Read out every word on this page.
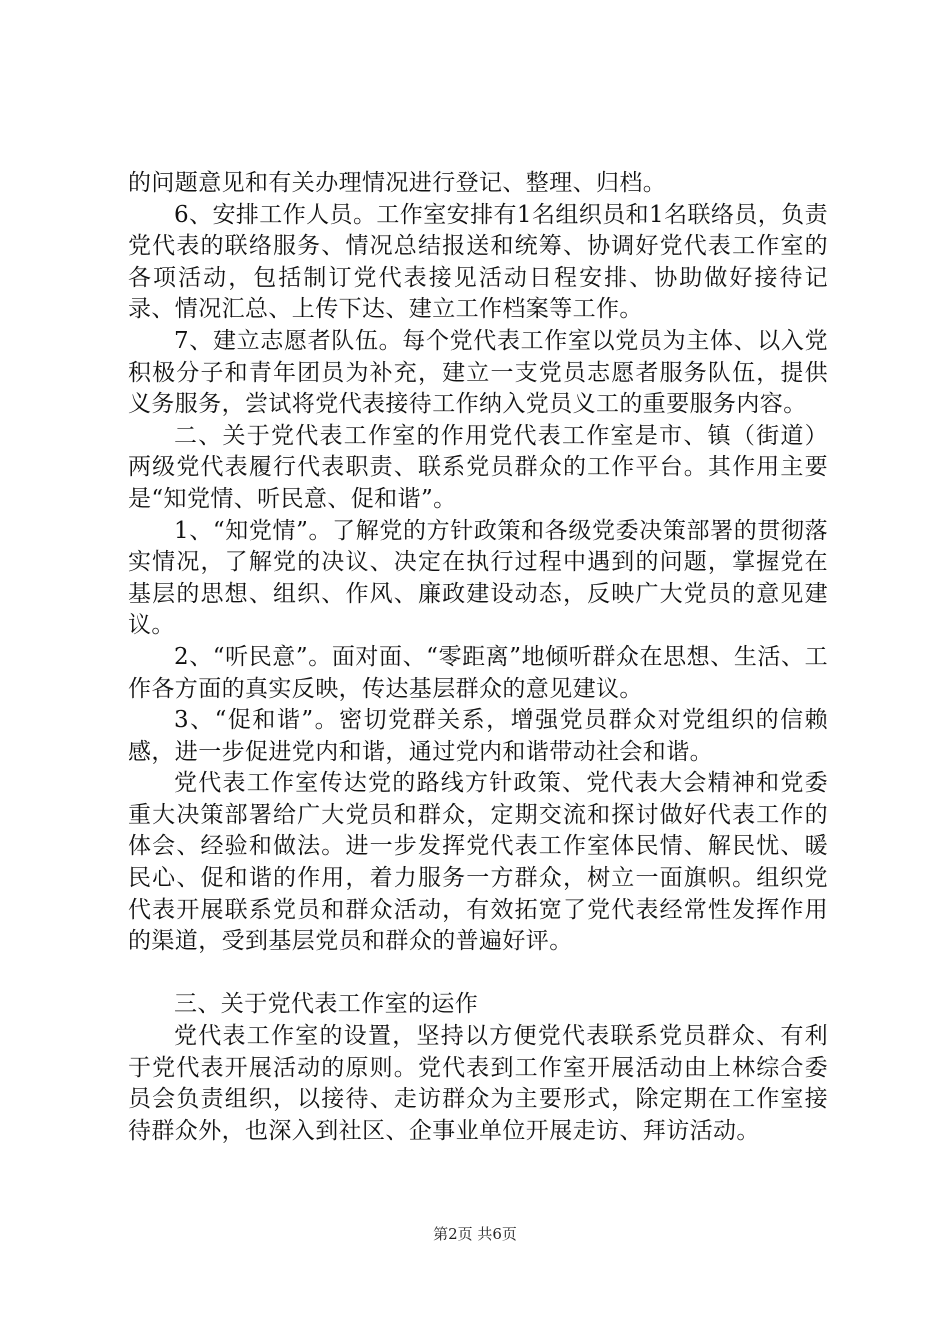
的问题意见和有关办理情况进行登记、整理、归档。

6、安排工作人员。工作室安排有1名组织员和1名联络员，负责党代表的联络服务、情况总结报送和统筹、协调好党代表工作室的各项活动，包括制订党代表接见活动日程安排、协助做好接待记录、情况汇总、上传下达、建立工作档案等工作。

7、建立志愿者队伍。每个党代表工作室以党员为主体、以入党积极分子和青年团员为补充，建立一支党员志愿者服务队伍，提供义务服务，尝试将党代表接待工作纳入党员义工的重要服务内容。

二、关于党代表工作室的作用党代表工作室是市、镇（街道）两级党代表履行代表职责、联系党员群众的工作平台。其作用主要是“知党情、听民意、促和谐”。

1、“知党情”。了解党的方针政策和各级党委决策部署的贯彻落实情况，了解党的决议、决定在执行过程中遇到的问题，掌握党在基层的思想、组织、作风、廉政建设动态，反映广大党员的意见建议。

2、“听民意”。面对面、“零距离”地倾听群众在思想、生活、工作各方面的真实反映，传达基层群众的意见建议。

3、“促和谐”。密切党群关系，增强党员群众对党组织的信赖感，进一步促进党内和谐，通过党内和谐带动社会和谐。

党代表工作室传达党的路线方针政策、党代表大会精神和党委重大决策部署给广大党员和群众，定期交流和探讨做好代表工作的体会、经验和做法。进一步发挥党代表工作室体民情、解民忧、暖民心、促和谐的作用，着力服务一方群众，树立一面旗帜。组织党代表开展联系党员和群众活动，有效拓宽了党代表经常性发挥作用的渠道，受到基层党员和群众的普遍好评。

三、关于党代表工作室的运作

党代表工作室的设置，坚持以方便党代表联系党员群众、有利于党代表开展活动的原则。党代表到工作室开展活动由上林综合委员会负责组织，以接待、走访群众为主要形式，除定期在工作室接待群众外，也深入到社区、企事业单位开展走访、拜访活动。

第2页 共6页
